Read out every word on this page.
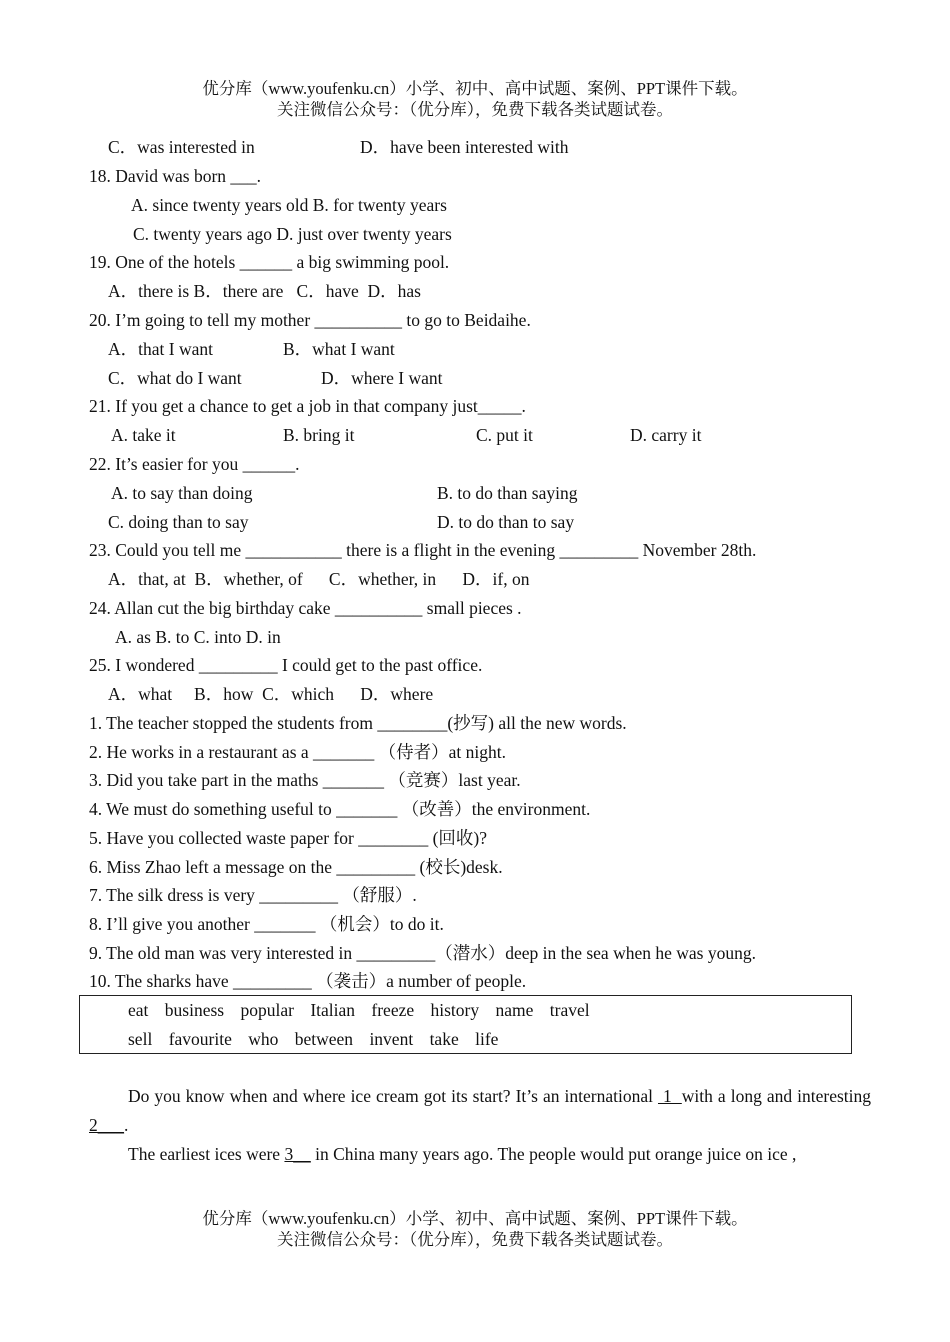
优分库（www.youfenku.cn）小学、初中、高中试题、案例、PPT课件下载。
关注微信公众号：（优分库），免费下载各类试题试卷。
C．was interested in	D．have been interested with
18. David was born ___.
A. since twenty years old B. for twenty years
C. twenty years ago D. just over twenty years
19. One of the hotels ______ a big swimming pool.
A．there is B．there are   C．have  D．has
20. I’m going to tell my mother __________ to go to Beidaihe.
A．that I want	B．what I want
C．what do I want	D．where I want
21. If you get a chance to get a job in that company just_____.
A. take it	B. bring it	C. put it	D. carry it
22. It’s easier for you ______.
A. to say than doing	B. to do than saying
C. doing than to say	D. to do than to say
23. Could you tell me ___________ there is a flight in the evening _________ November 28th.
A．that, at  B．whether, of      C．whether, in      D．if, on
24. Allan cut the big birthday cake __________ small pieces .
A. as B. to C. into D. in
25. I wondered _________ I could get to the past office.
A．what     B．how  C．which      D．where
1. The teacher stopped the students from ________(抄写) all the new words.
2. He works in a restaurant as a _______ （侍者）at night.
3. Did you take part in the maths _______ （竞赛）last year.
4. We must do something useful to _______ （改善）the environment.
5. Have you collected waste paper for ________ (回收)?
6. Miss Zhao left a message on the _________ (校长)desk.
7. The silk dress is very _________ （舒服）.
8. I’ll give you another _______ （机会）to do it.
9. The old man was very interested in _________（潜水）deep in the sea when he was young.
10. The sharks have _________ （袭击）a number of people.
eat business popular Italian freeze history name travel
sell favourite who between invent take life

Do you know when and where ice cream got its start? It’s an international  1  with a long and interesting 2___.

The earliest ices were 3__ in China many years ago. The people would put orange juice on ice ,

优分库（www.youfenku.cn）小学、初中、高中试题、案例、PPT课件下载。
关注微信公众号：（优分库），免费下载各类试题试卷。
